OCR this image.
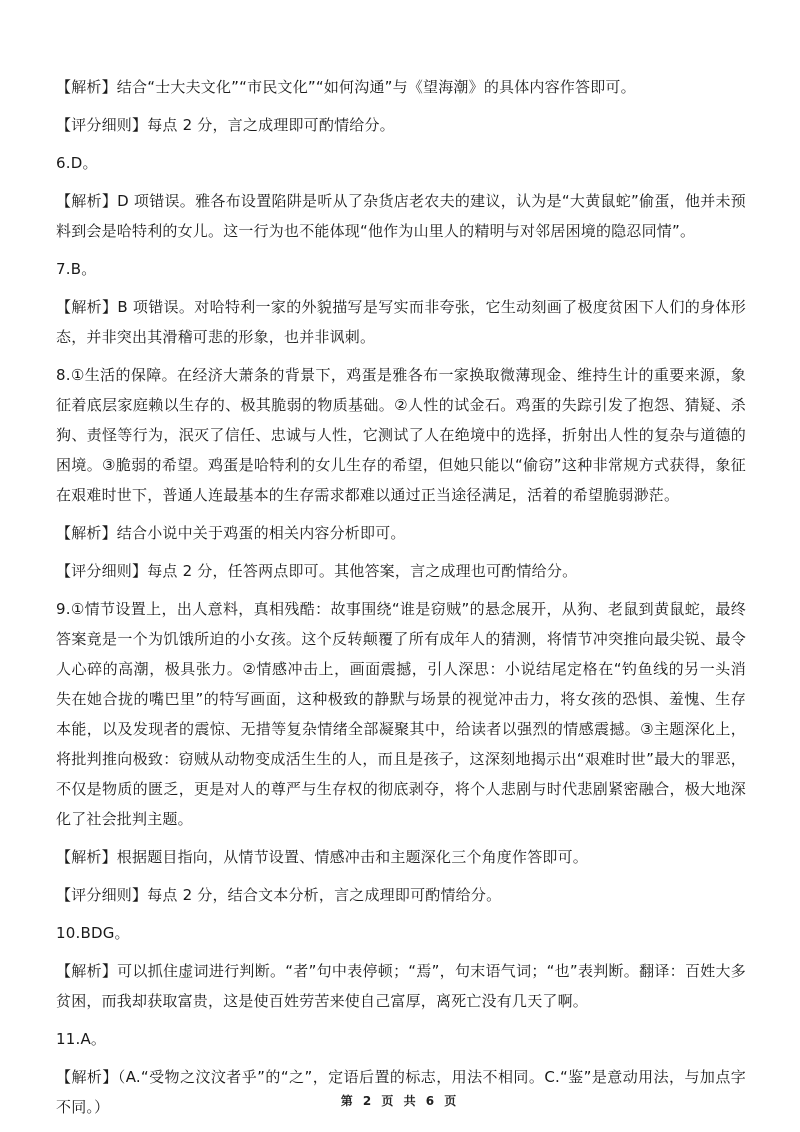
【解析】结合“士大夫文化”“市民文化”“如何沟通”与《望海潮》的具体内容作答即可。

【评分细则】每点 2 分，言之成理即可酌情给分。

6.D。

【解析】D 项错误。雅各布设置陷阱是听从了杂货店老农夫的建议，认为是“大黄鼠蛇”偷蛋，他并未预料到会是哈特利的女儿。这一行为也不能体现“他作为山里人的精明与对邻居困境的隐忍同情”。

7.B。

【解析】B 项错误。对哈特利一家的外貌描写是写实而非夸张，它生动刻画了极度贫困下人们的身体形态，并非突出其滑稽可悲的形象，也并非讽刺。

8.①生活的保障。在经济大萧条的背景下，鸡蛋是雅各布一家换取微薄现金、维持生计的重要来源，象征着底层家庭赖以生存的、极其脆弱的物质基础。②人性的试金石。鸡蛋的失踪引发了抱怨、猜疑、杀狗、责怪等行为，泯灭了信任、忠诚与人性，它测试了人在绝境中的选择，折射出人性的复杂与道德的困境。③脆弱的希望。鸡蛋是哈特利的女儿生存的希望，但她只能以“偷窃”这种非常规方式获得，象征在艰难时世下，普通人连最基本的生存需求都难以通过正当途径满足，活着的希望脆弱渺茫。

【解析】结合小说中关于鸡蛋的相关内容分析即可。

【评分细则】每点 2 分，任答两点即可。其他答案，言之成理也可酌情给分。

9.①情节设置上，出人意料，真相残酷：故事围绕“谁是窃贼”的悬念展开，从狗、老鼠到黄鼠蛇，最终答案竟是一个为饥饿所迫的小女孩。这个反转颠覆了所有成年人的猜测，将情节冲突推向最尖锐、最令人心碎的高潮，极具张力。②情感冲击上，画面震撼，引人深思：小说结尾定格在“钓鱼线的另一头消失在她合拢的嘴巴里”的特写画面，这种极致的静默与场景的视觉冲击力，将女孩的恐惧、羞愧、生存本能，以及发现者的震惊、无措等复杂情绪全部凝聚其中，给读者以强烈的情感震撼。③主题深化上，将批判推向极致：窃贼从动物变成活生生的人，而且是孩子，这深刻地揭示出“艰难时世”最大的罪恶，不仅是物质的匮乏，更是对人的尊严与生存权的彻底剥夺，将个人悲剧与时代悲剧紧密融合，极大地深化了社会批判主题。

【解析】根据题目指向，从情节设置、情感冲击和主题深化三个角度作答即可。

【评分细则】每点 2 分，结合文本分析，言之成理即可酌情给分。

10.BDG。

【解析】可以抓住虚词进行判断。“者”句中表停顿；“焉”，句末语气词；“也”表判断。翻译：百姓大多贫困，而我却获取富贵，这是使百姓劳苦来使自己富厚，离死亡没有几天了啊。

11.A。

【解析】（A.“受物之汶汶者乎”的“之”，定语后置的标志，用法不相同。C.“鉴”是意动用法，与加点字不同。）	第 2 页 共 6 页
